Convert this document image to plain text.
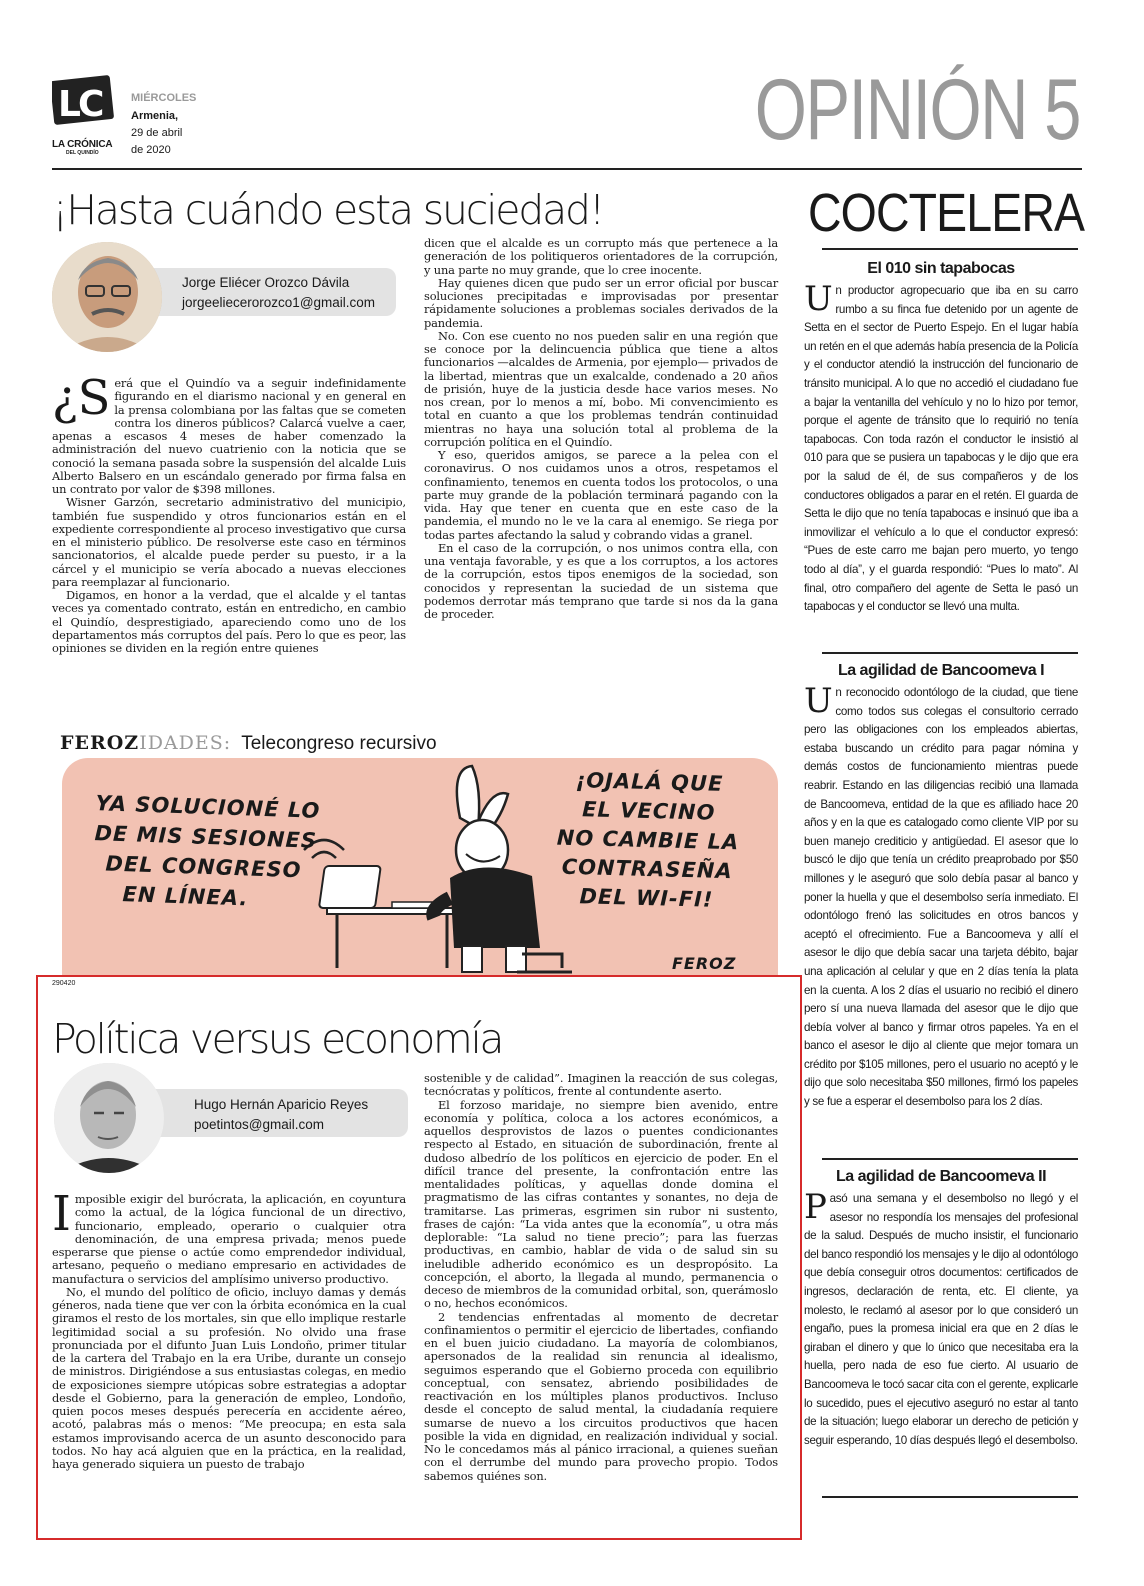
LC
LA CRÓNICA
DEL QUINDÍO
MIÉRCOLES
Armenia,
29 de abril
de 2020	OPINIÓN 5
¡Hasta cuándo esta suciedad!
Jorge Eliécer Orozco Dávila
jorgeeliecerorozco1@gmail.com

¿S erá que el Quindío va a seguir indefinidamente figurando en el diarismo nacional y en general en la prensa colombiana por las faltas que se cometen contra los dineros públicos? Calarcá vuelve a caer, apenas a escasos 4 meses de haber comenzado la administración del nuevo cuatrienio con la noticia que se conoció la semana pasada sobre la suspensión del alcalde Luis Alberto Balsero en un escándalo generado por firma falsa en un contrato por valor de $398 millones.

Wisner Garzón, secretario administrativo del municipio, también fue suspendido y otros funcionarios están en el expediente correspondiente al proceso investigativo que cursa en el ministerio público. De resolverse este caso en términos sancionatorios, el alcalde puede perder su puesto, ir a la cárcel y el municipio se vería abocado a nuevas elecciones para reemplazar al funcionario.

Digamos, en honor a la verdad, que el alcalde y el tantas veces ya comentado contrato, están en entredicho, en cambio el Quindío, desprestigiado, apareciendo como uno de los departamentos más corruptos del país. Pero lo que es peor, las opiniones se dividen en la región entre quienes

dicen que el alcalde es un corrupto más que pertenece a la generación de los politiqueros orientadores de la corrupción, y una parte no muy grande, que lo cree inocente.

Hay quienes dicen que pudo ser un error oficial por buscar soluciones precipitadas e improvisadas por presentar rápidamente soluciones a problemas sociales derivados de la pandemia.

No. Con ese cuento no nos pueden salir en una región que se conoce por la delincuencia pública que tiene a altos funcionarios —alcaldes de Armenia, por ejemplo— privados de la libertad, mientras que un exalcalde, condenado a 20 años de prisión, huye de la justicia desde hace varios meses. No nos crean, por lo menos a mí, bobo. Mi convencimiento es total en cuanto a que los problemas tendrán continuidad mientras no haya una solución total al problema de la corrupción política en el Quindío.

Y eso, queridos amigos, se parece a la pelea con el coronavirus. O nos cuidamos unos a otros, respetamos el confinamiento, tenemos en cuenta todos los protocolos, o una parte muy grande de la población terminará pagando con la vida. Hay que tener en cuenta que en este caso de la pandemia, el mundo no le ve la cara al enemigo. Se riega por todas partes afectando la salud y cobrando vidas a granel.

En el caso de la corrupción, o nos unimos contra ella, con una ventaja favorable, y es que a los corruptos, a los actores de la corrupción, estos tipos enemigos de la sociedad, son conocidos y representan la suciedad de un sistema que podemos derrotar más temprano que tarde si nos da la gana de proceder.

FEROZIDADES: Telecongreso recursivo
YA SOLUCIONÉ LO
DE MIS SESIONES
DEL CONGRESO
EN LÍNEA.
¡OJALÁ QUE
EL VECINO
NO CAMBIE LA
CONTRASEÑA
DEL WI-FI!
FEROZ
290420
Política versus economía
Hugo Hernán Aparicio Reyes
poetintos@gmail.com

Imposible exigir del burócrata, la aplicación, en coyuntura como la actual, de la lógica funcional de un directivo, funcionario, empleado, operario o cualquier otra denominación, de una empresa privada; menos puede esperarse que piense o actúe como emprendedor individual, artesano, pequeño o mediano empresario en actividades de manufactura o servicios del amplísimo universo productivo.

No, el mundo del político de oficio, incluyo damas y demás géneros, nada tiene que ver con la órbita económica en la cual giramos el resto de los mortales, sin que ello implique restarle legitimidad social a su profesión. No olvido una frase pronunciada por el difunto Juan Luis Londoño, primer titular de la cartera del Trabajo en la era Uribe, durante un consejo de ministros. Dirigiéndose a sus entusiastas colegas, en medio de exposiciones siempre utópicas sobre estrategias a adoptar desde el Gobierno, para la generación de empleo, Londoño, quien pocos meses después perecería en accidente aéreo, acotó, palabras más o menos: “Me preocupa; en esta sala estamos improvisando acerca de un asunto desconocido para todos. No hay acá alguien que en la práctica, en la realidad, haya generado siquiera un puesto de trabajo

sostenible y de calidad”. Imaginen la reacción de sus colegas, tecnócratas y políticos, frente al contundente aserto.

El forzoso maridaje, no siempre bien avenido, entre economía y política, coloca a los actores económicos, a aquellos desprovistos de lazos o puentes condicionantes respecto al Estado, en situación de subordinación, frente al dudoso albedrío de los políticos en ejercicio de poder. En el difícil trance del presente, la confrontación entre las mentalidades políticas, y aquellas donde domina el pragmatismo de las cifras contantes y sonantes, no deja de tramitarse. Las primeras, esgrimen sin rubor ni sustento, frases de cajón: “La vida antes que la economía”, u otra más deplorable: “La salud no tiene precio”; para las fuerzas productivas, en cambio, hablar de vida o de salud sin su ineludible adherido económico es un despropósito. La concepción, el aborto, la llegada al mundo, permanencia o deceso de miembros de la comunidad orbital, son, querámoslo o no, hechos económicos.

2 tendencias enfrentadas al momento de decretar confinamientos o permitir el ejercicio de libertades, confiando en el buen juicio ciudadano. La mayoría de colombianos, apersonados de la realidad sin renuncia al idealismo, seguimos esperando que el Gobierno proceda con equilibrio conceptual, con sensatez, abriendo posibilidades de reactivación en los múltiples planos productivos. Incluso desde el concepto de salud mental, la ciudadanía requiere sumarse de nuevo a los circuitos productivos que hacen posible la vida en dignidad, en realización individual y social. No le concedamos más al pánico irracional, a quienes sueñan con el derrumbe del mundo para provecho propio. Todos sabemos quiénes son.

COCTELERA
El 010 sin tapabocas

Un productor agropecuario que iba en su carro rumbo a su finca fue detenido por un agente de Setta en el sector de Puerto Espejo. En el lugar había un retén en el que además había presencia de la Policía y el conductor atendió la instrucción del funcionario de tránsito municipal. A lo que no accedió el ciudadano fue a bajar la ventanilla del vehículo y no lo hizo por temor, porque el agente de tránsito que lo requirió no tenía tapabocas. Con toda razón el conductor le insistió al 010 para que se pusiera un tapabocas y le dijo que era por la salud de él, de sus compañeros y de los conductores obligados a parar en el retén. El guarda de Setta le dijo que no tenía tapabocas e insinuó que iba a inmovilizar el vehículo a lo que el conductor expresó: “Pues de este carro me bajan pero muerto, yo tengo todo al día”, y el guarda respondió: “Pues lo mato”. Al final, otro compañero del agente de Setta le pasó un tapabocas y el conductor se llevó una multa.

La agilidad de Bancoomeva I

Un reconocido odontólogo de la ciudad, que tiene como todos sus colegas el consultorio cerrado pero las obligaciones con los empleados abiertas, estaba buscando un crédito para pagar nómina y demás costos de funcionamiento mientras puede reabrir. Estando en las diligencias recibió una llamada de Bancoomeva, entidad de la que es afiliado hace 20 años y en la que es catalogado como cliente VIP por su buen manejo crediticio y antigüedad. El asesor que lo buscó le dijo que tenía un crédito preaprobado por $50 millones y le aseguró que solo debía pasar al banco y poner la huella y que el desembolso sería inmediato. El odontólogo frenó las solicitudes en otros bancos y aceptó el ofrecimiento. Fue a Bancoomeva y allí el asesor le dijo que debía sacar una tarjeta débito, bajar una aplicación al celular y que en 2 días tenía la plata en la cuenta. A los 2 días el usuario no recibió el dinero pero sí una nueva llamada del asesor que le dijo que debía volver al banco y firmar otros papeles. Ya en el banco el asesor le dijo al cliente que mejor tomara un crédito por $105 millones, pero el usuario no aceptó y le dijo que solo necesitaba $50 millones, firmó los papeles y se fue a esperar el desembolso para los 2 días.

La agilidad de Bancoomeva II

Pasó una semana y el desembolso no llegó y el asesor no respondía los mensajes del profesional de la salud. Después de mucho insistir, el funcionario del banco respondió los mensajes y le dijo al odontólogo que debía conseguir otros documentos: certificados de ingresos, declaración de renta, etc. El cliente, ya molesto, le reclamó al asesor por lo que consideró un engaño, pues la promesa inicial era que en 2 días le giraban el dinero y que lo único que necesitaba era la huella, pero nada de eso fue cierto. Al usuario de Bancoomeva le tocó sacar cita con el gerente, explicarle lo sucedido, pues el ejecutivo aseguró no estar al tanto de la situación; luego elaborar un derecho de petición y seguir esperando, 10 días después llegó el desembolso.
